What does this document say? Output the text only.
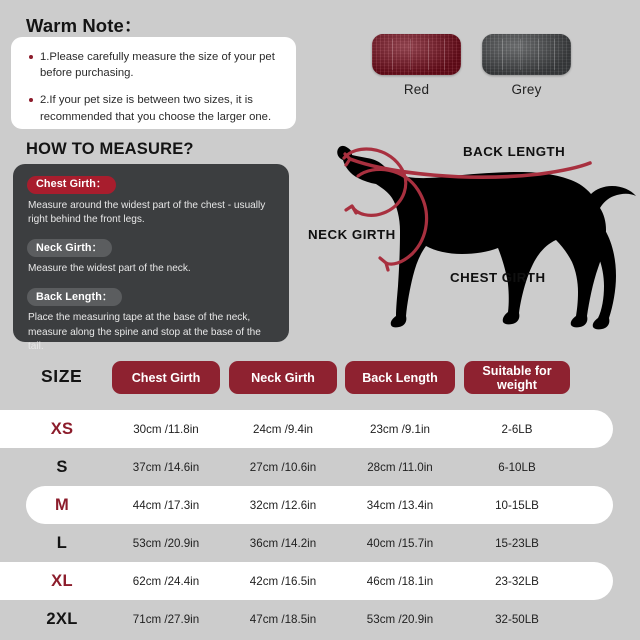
Warm Note：
1.Please carefully measure the size of your pet before purchasing.
2.If your pet size is between two sizes, it is recommended that you choose the larger one.
HOW TO MEASURE?
Chest Girth：
Measure around the widest part of the chest - usually right behind the front legs.
Neck Girth：
Measure the widest part of the neck.
Back Length：
Place the measuring tape at the base of the neck, measure along the spine and stop at the base of the tail.
Red	Grey
BACK LENGTH
NECK GIRTH
CHEST GIRTH
SIZE	Chest Girth	Neck Girth	Back Length	Suitable for weight
XS	30cm /11.8in	24cm /9.4in	23cm /9.1in	2-6LB
S	37cm /14.6in	27cm /10.6in	28cm /11.0in	6-10LB
M	44cm /17.3in	32cm /12.6in	34cm /13.4in	10-15LB
L	53cm /20.9in	36cm /14.2in	40cm /15.7in	15-23LB
XL	62cm /24.4in	42cm /16.5in	46cm /18.1in	23-32LB
2XL	71cm /27.9in	47cm /18.5in	53cm /20.9in	32-50LB
